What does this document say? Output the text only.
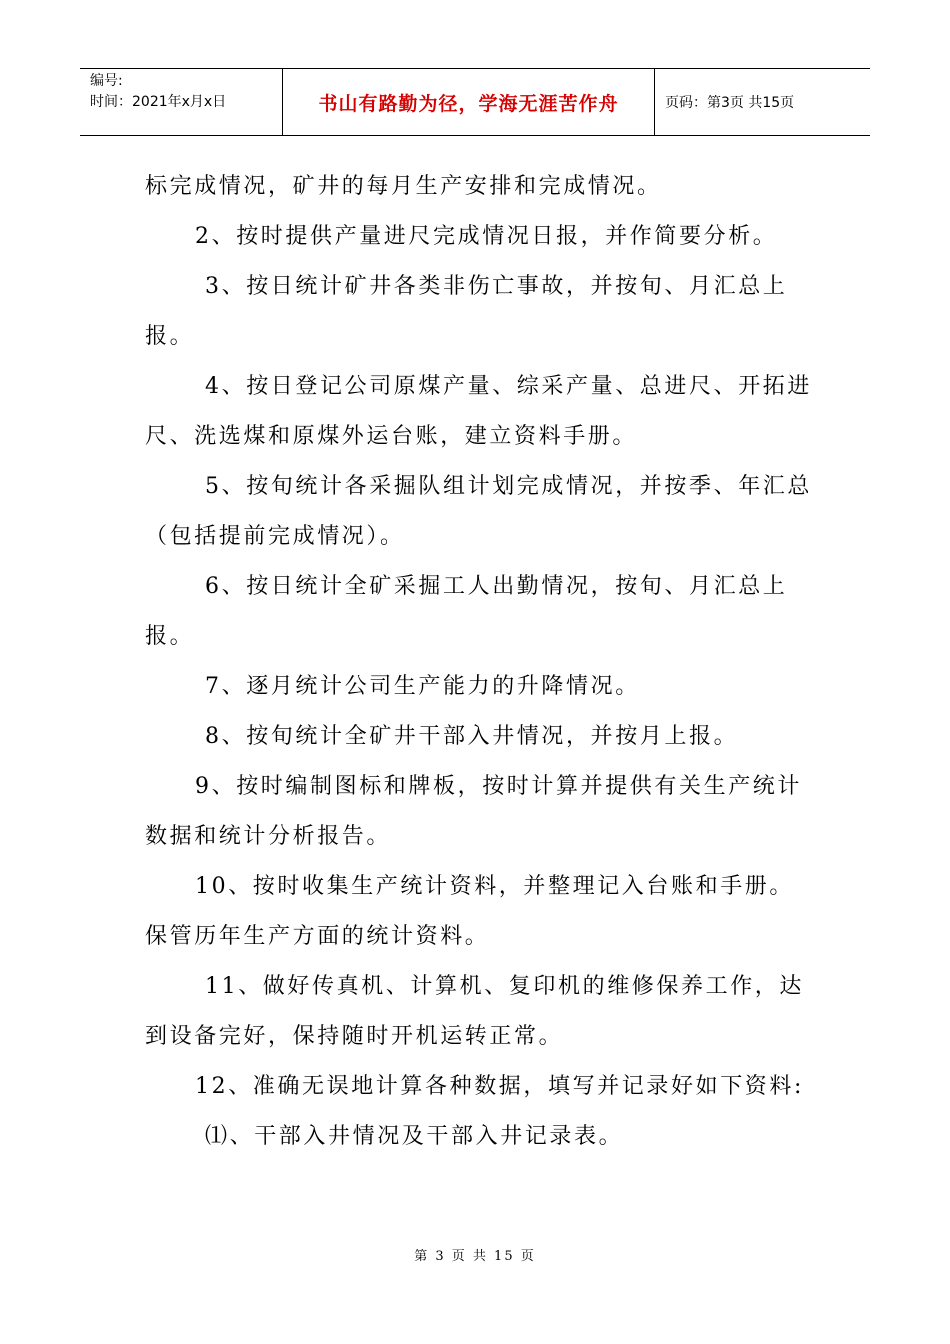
编号:
时间：2021年x月x日	书山有路勤为径，学海无涯苦作舟	页码：第3页 共15页

标完成情况，矿井的每月生产安排和完成情况。

2、按时提供产量进尺完成情况日报，并作简要分析。

3、按日统计矿井各类非伤亡事故，并按旬、月汇总上报。

4、按日登记公司原煤产量、综采产量、总进尺、开拓进尺、洗选煤和原煤外运台账，建立资料手册。

5、按旬统计各采掘队组计划完成情况，并按季、年汇总（包括提前完成情况）。

6、按日统计全矿采掘工人出勤情况，按旬、月汇总上报。

7、逐月统计公司生产能力的升降情况。

8、按旬统计全矿井干部入井情况，并按月上报。

9、按时编制图标和牌板，按时计算并提供有关生产统计数据和统计分析报告。

10、按时收集生产统计资料，并整理记入台账和手册。保管历年生产方面的统计资料。

11、做好传真机、计算机、复印机的维修保养工作，达到设备完好，保持随时开机运转正常。

12、准确无误地计算各种数据，填写并记录好如下资料:

⑴、干部入井情况及干部入井记录表。

第 3 页 共 15 页
